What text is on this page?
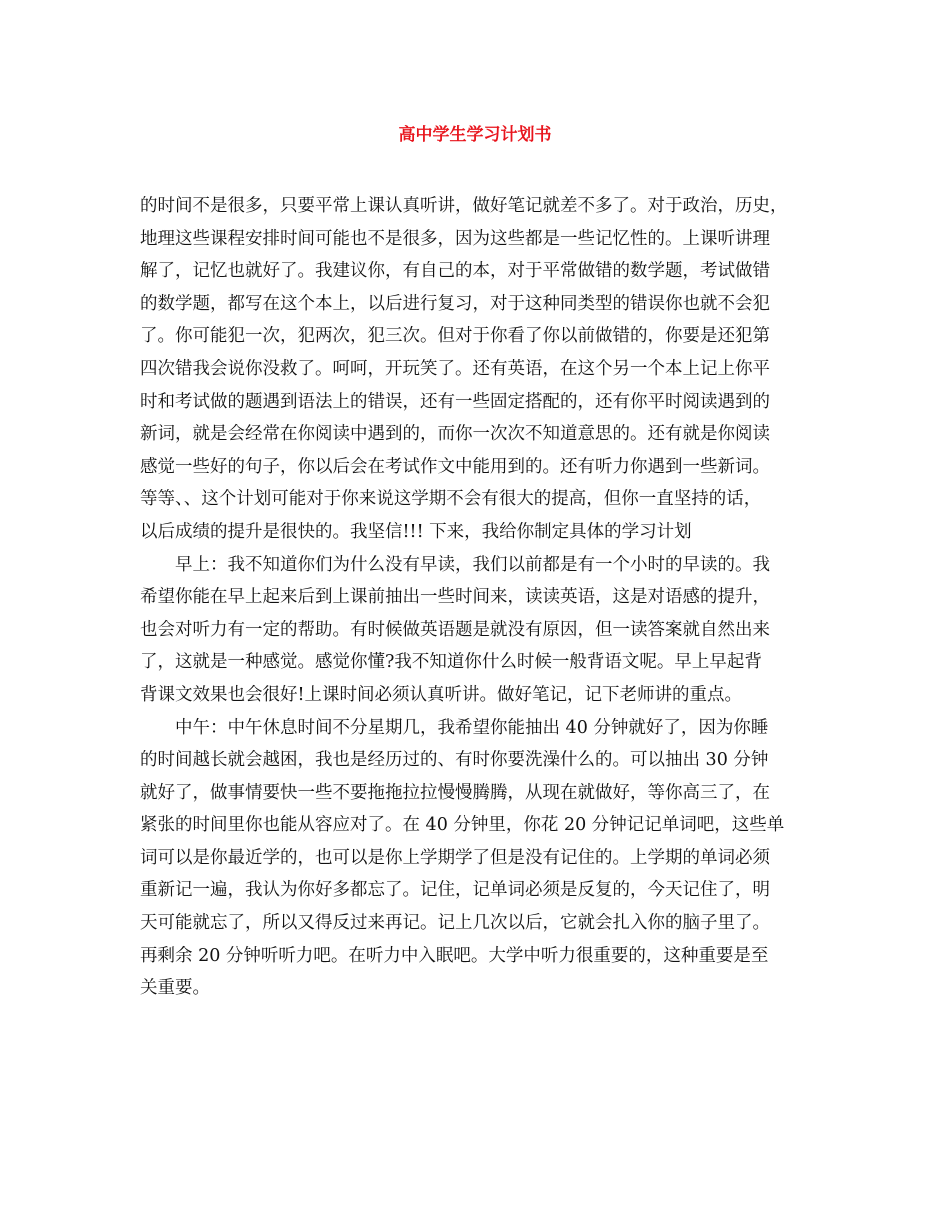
高中学生学习计划书
的时间不是很多，只要平常上课认真听讲，做好笔记就差不多了。对于政治，历史，
地理这些课程安排时间可能也不是很多，因为这些都是一些记忆性的。上课听讲理
解了，记忆也就好了。我建议你，有自己的本，对于平常做错的数学题，考试做错
的数学题，都写在这个本上，以后进行复习，对于这种同类型的错误你也就不会犯
了。你可能犯一次，犯两次，犯三次。但对于你看了你以前做错的，你要是还犯第
四次错我会说你没救了。呵呵，开玩笑了。还有英语，在这个另一个本上记上你平
时和考试做的题遇到语法上的错误，还有一些固定搭配的，还有你平时阅读遇到的
新词，就是会经常在你阅读中遇到的，而你一次次不知道意思的。还有就是你阅读
感觉一些好的句子，你以后会在考试作文中能用到的。还有听力你遇到一些新词。
等等、、这个计划可能对于你来说这学期不会有很大的提高，但你一直坚持的话，
以后成绩的提升是很快的。我坚信!!! 下来，我给你制定具体的学习计划
早上：我不知道你们为什么没有早读，我们以前都是有一个小时的早读的。我
希望你能在早上起来后到上课前抽出一些时间来，读读英语，这是对语感的提升，
也会对听力有一定的帮助。有时候做英语题是就没有原因，但一读答案就自然出来
了，这就是一种感觉。感觉你懂?我不知道你什么时候一般背语文呢。早上早起背
背课文效果也会很好!上课时间必须认真听讲。做好笔记，记下老师讲的重点。
中午：中午休息时间不分星期几，我希望你能抽出 40 分钟就好了，因为你睡
的时间越长就会越困，我也是经历过的、有时你要洗澡什么的。可以抽出 30 分钟
就好了，做事情要快一些不要拖拖拉拉慢慢腾腾，从现在就做好，等你高三了，在
紧张的时间里你也能从容应对了。在 40 分钟里，你花 20 分钟记记单词吧，这些单
词可以是你最近学的，也可以是你上学期学了但是没有记住的。上学期的单词必须
重新记一遍，我认为你好多都忘了。记住，记单词必须是反复的，今天记住了，明
天可能就忘了，所以又得反过来再记。记上几次以后，它就会扎入你的脑子里了。
再剩余 20 分钟听听力吧。在听力中入眠吧。大学中听力很重要的，这种重要是至
关重要。
